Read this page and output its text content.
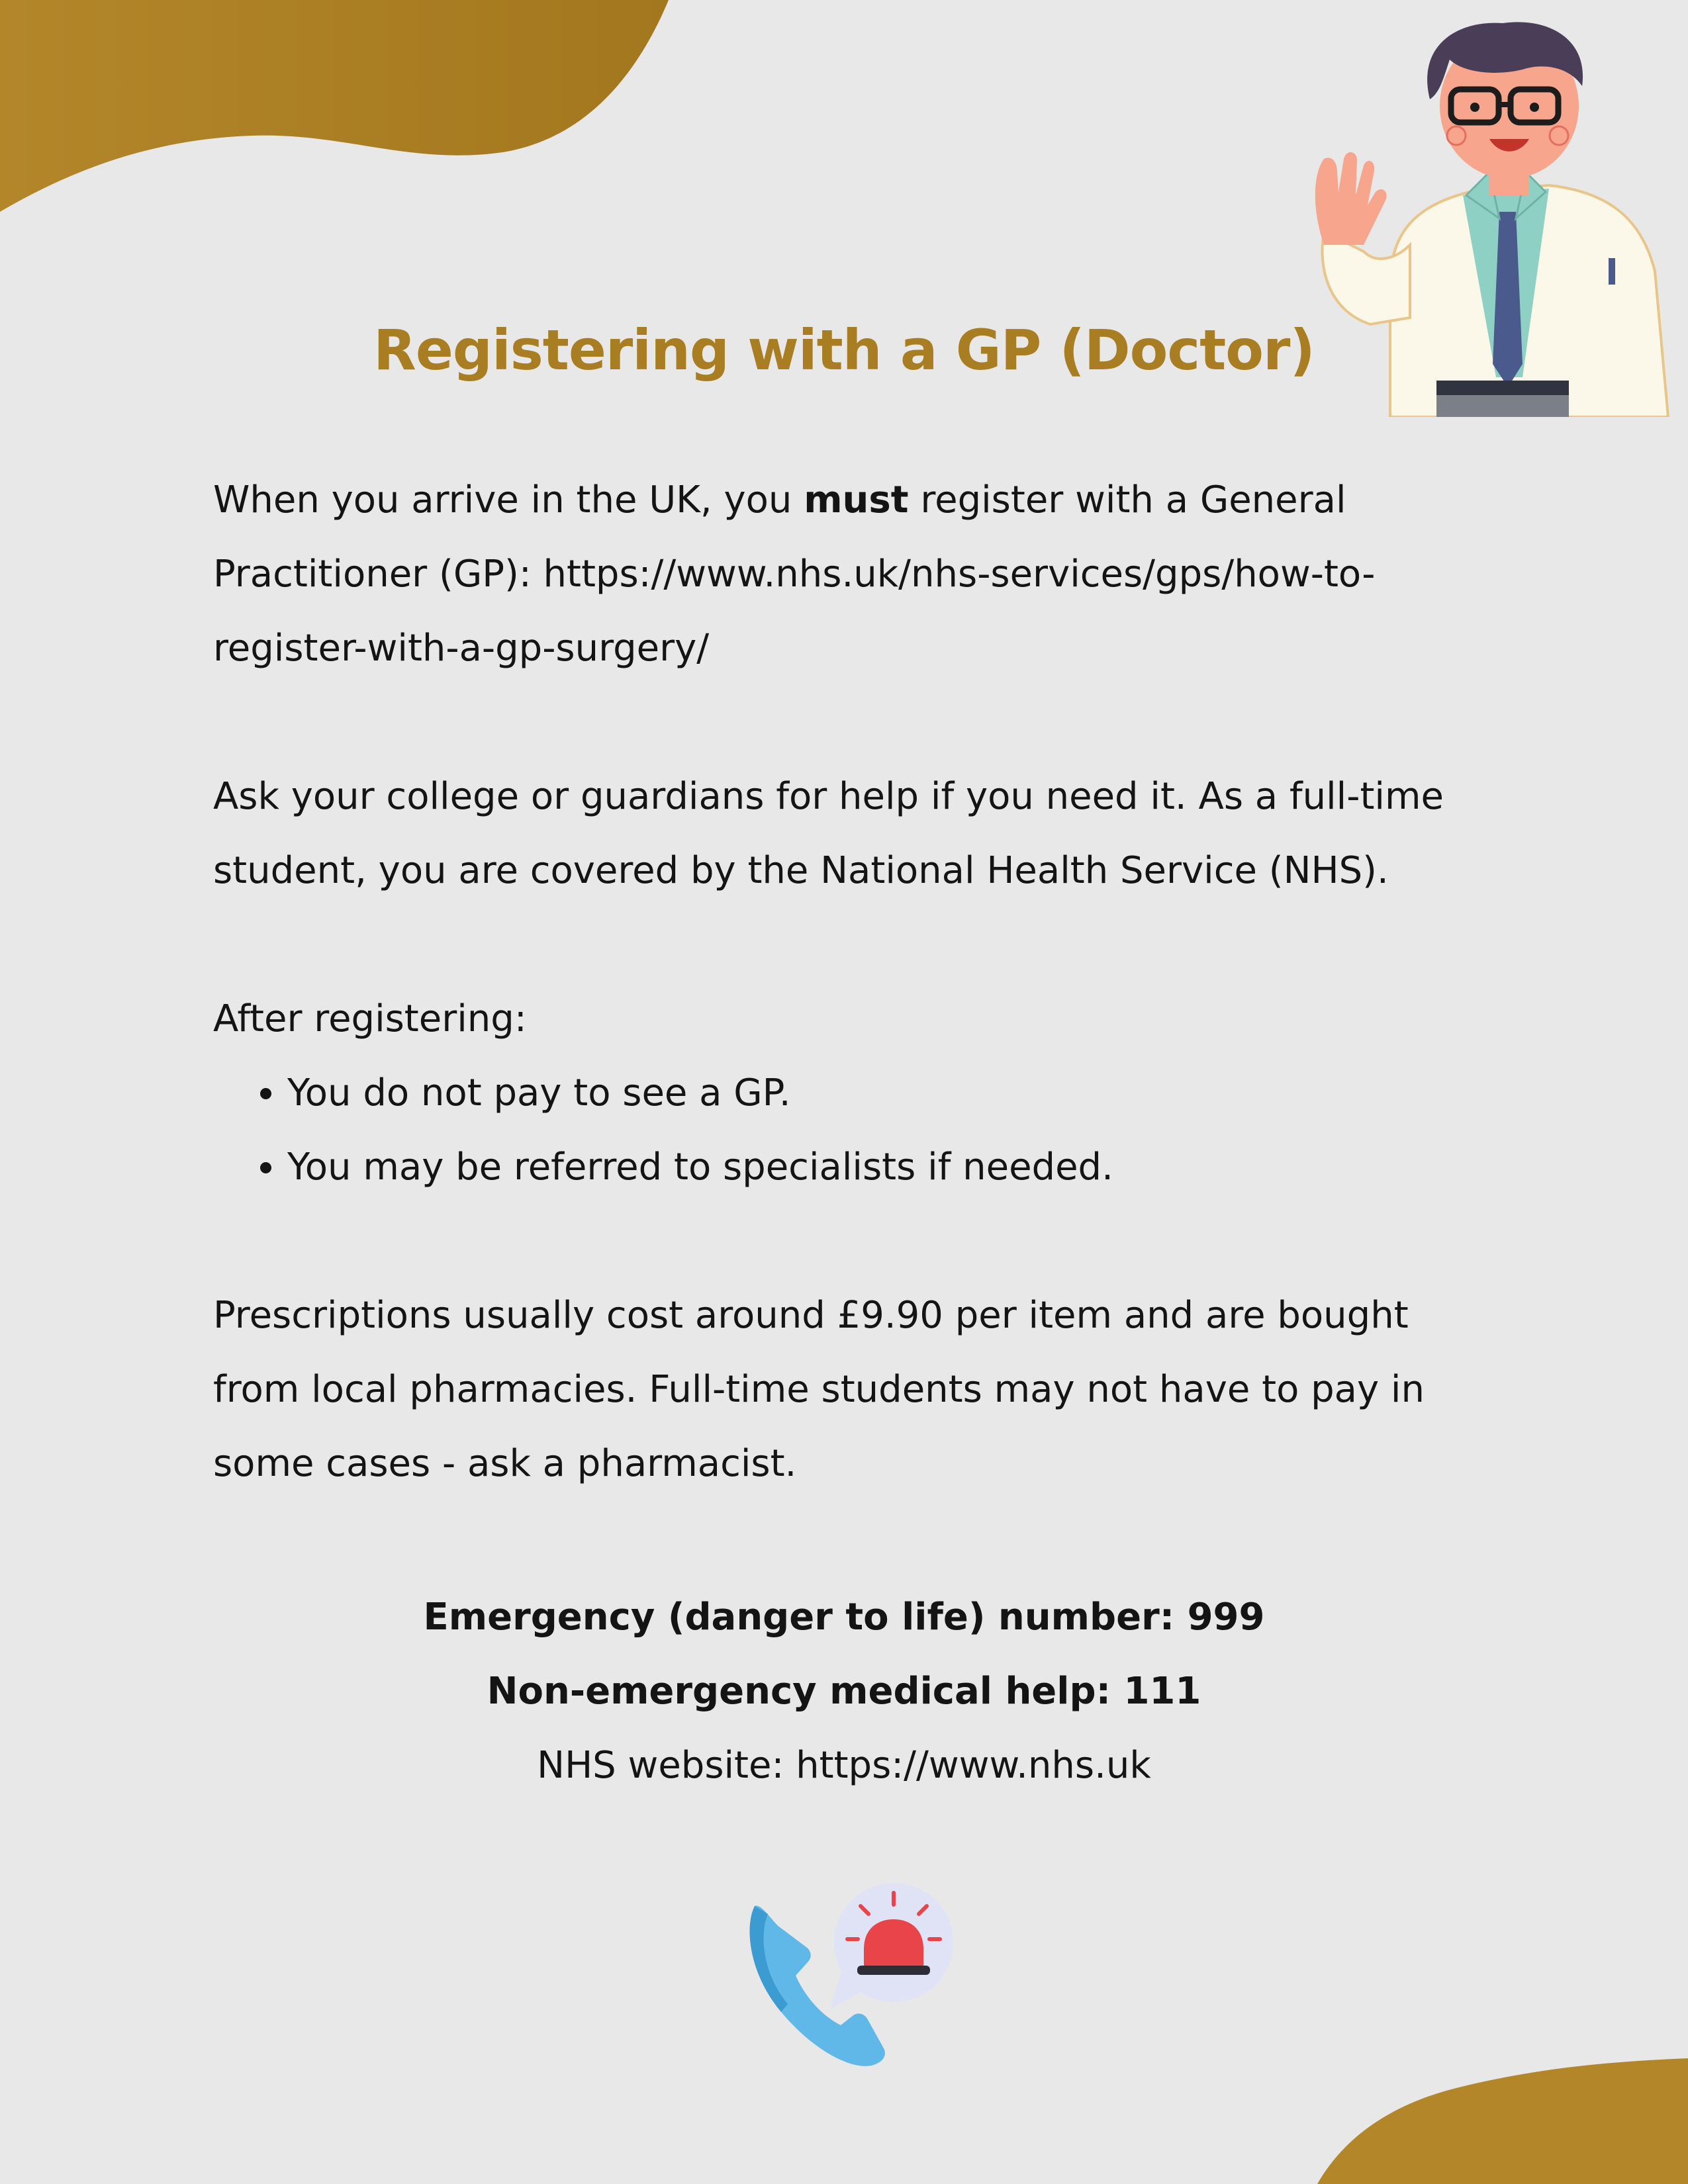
Registering with a GP (Doctor)

When you arrive in the UK, you must register with a General Practitioner (GP): https://www.nhs.uk/nhs-services/gps/how-to-register-with-a-gp-surgery/

Ask your college or guardians for help if you need it. As a full-time student, you are covered by the National Health Service (NHS).

After registering:

• You do not pay to see a GP.
• You may be referred to specialists if needed.

Prescriptions usually cost around £9.90 per item and are bought from local pharmacies. Full-time students may not have to pay in some cases - ask a pharmacist.

Emergency (danger to life) number: 999
Non-emergency medical help: 111
NHS website: https://www.nhs.uk
